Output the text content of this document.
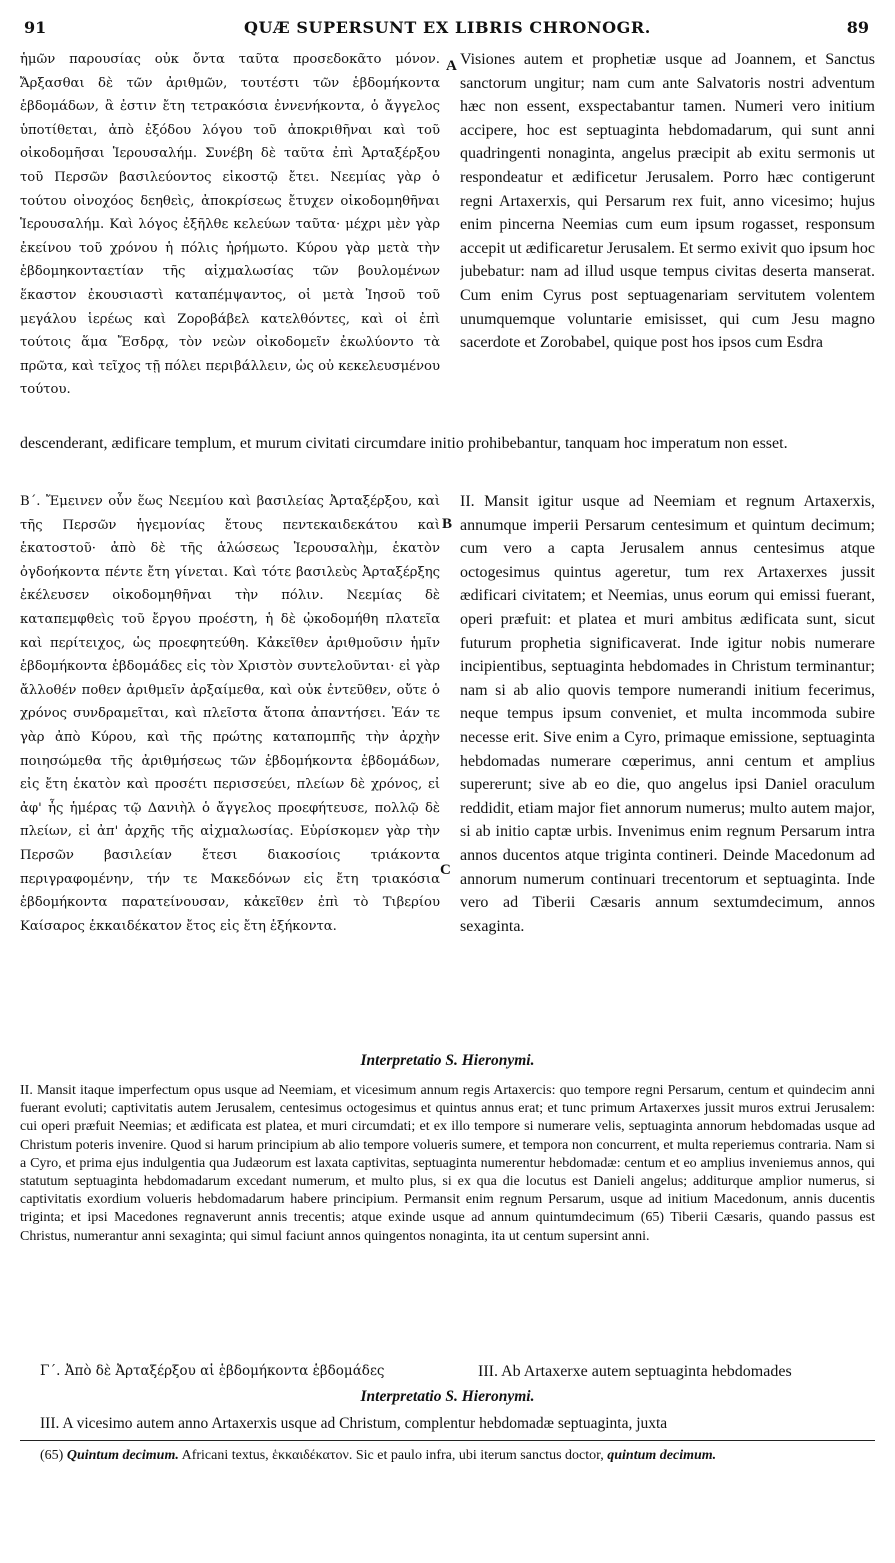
91	QUÆ SUPERSUNT EX LIBRIS CHRONOGR.	89
ἡμῶν παρουσίας οὐκ ὄντα ταῦτα προσεδοκᾶτο μόνον. Ἄρξασθαι δὲ τῶν ἀριθμῶν, τουτέστι τῶν ἑβδομήκοντα ἑβδομάδων, ἃ ἐστιν ἔτη τετρακόσια ἐννενήκοντα, ὁ ἄγγελος ὑποτίθεται, ἀπὸ ἐξόδου λόγου τοῦ ἀποκριθῆναι καὶ τοῦ οἰκοδομῆσαι Ἱερουσαλήμ. Συνέβη δὲ ταῦτα ἐπὶ Ἀρταξέρξου τοῦ Περσῶν βασιλεύοντος εἰκοστῷ ἔτει. Νεεμίας γὰρ ὁ τούτου οἰνοχόος δεηθεὶς, ἀποκρίσεως ἔτυχεν οἰκοδομηθῆναι Ἱερουσαλήμ. Καὶ λόγος ἐξῆλθε κελεύων ταῦτα· μέχρι μὲν γὰρ ἐκείνου τοῦ χρόνου ἡ πόλις ἠρήμωτο. Κύρου γὰρ μετὰ τὴν ἑβδομηκονταετίαν τῆς αἰχμαλωσίας τῶν βουλομένων ἕκαστον ἐκουσιαστὶ καταπέμψαντος, οἱ μετὰ Ἰησοῦ τοῦ μεγάλου ἱερέως καὶ Ζοροβάβελ κατελθόντες, καὶ οἱ ἐπὶ τούτοις ἅμα Ἔσδρᾳ, τὸν νεὼν οἰκοδομεῖν ἐκωλύοντο τὰ πρῶτα, καὶ τεῖχος τῇ πόλει περιβάλλειν, ὡς οὐ κεκελευσμένου τούτου.
A Visiones autem et prophetiæ usque ad Joannem, et Sanctus sanctorum ungitur; nam cum ante Salvatoris nostri adventum hæc non essent, exspectabantur tamen. Numeri vero initium accipere, hoc est septuaginta hebdomadarum, qui sunt anni quadringenti nonaginta, angelus præcipit ab exitu sermonis ut respondeatur et ædificetur Jerusalem. Porro hæc contigerunt regni Artaxerxis, qui Persarum rex fuit, anno vicesimo; hujus enim pincerna Neemias cum eum ipsum rogasset, responsum accepit ut ædificaretur Jerusalem. Et sermo exivit quo ipsum hoc jubebatur: nam ad illud usque tempus civitas deserta manserat. Cum enim Cyrus post septuagenariam servitutem volentem unumquemque voluntarie emisisset, qui cum Jesu magno sacerdote et Zorobabel, quique post hos ipsos cum Esdra
descenderant, ædificare templum, et murum civitati circumdare initio prohibebantur, tanquam hoc imperatum non esset.
Β΄. Ἔμεινεν οὖν ἕως Νεεμίου καὶ βασιλείας Ἀρταξέρξου, καὶ τῆς Περσῶν ἡγεμονίας ἔτους πεντεκαιδεκάτου καὶ ἑκατοστοῦ· ἀπὸ δὲ τῆς ἁλώσεως Ἱερουσαλὴμ, ἑκατὸν ὀγδοήκοντα πέντε ἔτη γίνεται. Καὶ τότε βασιλεὺς Ἀρταξέρξης ἐκέλευσεν οἰκοδομηθῆναι τὴν πόλιν. Νεεμίας δὲ καταπεμφθεὶς τοῦ ἔργου προέστη, ἡ δὲ ᾠκοδομήθη πλατεῖα καὶ περίτειχος, ὡς προεφητεύθη. Κἀκεῖθεν ἀριθμοῦσιν ἡμῖν ἑβδομήκοντα ἑβδομάδες εἰς τὸν Χριστὸν συντελοῦνται· εἰ γὰρ ἄλλοθέν ποθεν ἀριθμεῖν ἀρξαίμεθα, καὶ οὐκ ἐντεῦθεν, οὔτε ὁ χρόνος συνδραμεῖται, καὶ πλεῖστα ἄτοπα ἀπαντήσει. Ἐάν τε γὰρ ἀπὸ Κύρου, καὶ τῆς πρώτης καταπομπῆς τὴν ἀρχὴν ποιησώμεθα τῆς ἀριθμήσεως τῶν ἑβδομήκοντα ἑβδομάδων, εἰς ἔτη ἑκατὸν καὶ προσέτι περισσεύει, πλείων δὲ χρόνος, εἰ ἀφ' ἧς ἡμέρας τῷ Δανιὴλ ὁ ἄγγελος προεφήτευσε, πολλῷ δὲ πλείων, εἰ ἀπ' ἀρχῆς τῆς αἰχμαλωσίας. Εὑρίσκομεν γὰρ τὴν Περσῶν βασιλείαν ἔτεσι διακοσίοις τριάκοντα περιγραφομένην, τήν τε Μακεδόνων εἰς ἔτη τριακόσια ἑβδομήκοντα παρατείνουσαν, κἀκεῖθεν ἐπὶ τὸ Τιβερίου Καίσαρος ἑκκαιδέκατον ἔτος εἰς ἔτη ἑξήκοντα.
B
C
II. Mansit igitur usque ad Neemiam et regnum Artaxerxis, annumque imperii Persarum centesimum et quintum decimum; cum vero a capta Jerusalem annus centesimus atque octogesimus quintus ageretur, tum rex Artaxerxes jussit ædificari civitatem; et Neemias, unus eorum qui emissi fuerant, operi præfuit: et platea et muri ambitus ædificata sunt, sicut futurum prophetia significaverat. Inde igitur nobis numerare incipientibus, septuaginta hebdomades in Christum terminantur; nam si ab alio quovis tempore numerandi initium fecerimus, neque tempus ipsum conveniet, et multa incommoda subire necesse erit. Sive enim a Cyro, primaque emissione, septuaginta hebdomadas numerare cœperimus, anni centum et amplius supererunt; sive ab eo die, quo angelus ipsi Daniel oraculum reddidit, etiam major fiet annorum numerus; multo autem major, si ab initio captæ urbis. Invenimus enim regnum Persarum intra annos ducentos atque triginta contineri. Deinde Macedonum ad annorum numerum continuari trecentorum et septuaginta. Inde vero ad Tiberii Cæsaris annum sextumdecimum, annos sexaginta.
Interpretatio S. Hieronymi.
II. Mansit itaque imperfectum opus usque ad Neemiam, et vicesimum annum regis Artaxercis: quo tempore regni Persarum, centum et quindecim anni fuerant evoluti; captivitatis autem Jerusalem, centesimus octogesimus et quintus annus erat; et tunc primum Artaxerxes jussit muros extrui Jerusalem: cui operi præfuit Neemias; et ædificata est platea, et muri circumdati; et ex illo tempore si numerare velis, septuaginta annorum hebdomadas usque ad Christum poteris invenire. Quod si harum principium ab alio tempore volueris sumere, et tempora non concurrent, et multa reperiemus contraria. Nam si a Cyro, et prima ejus indulgentia qua Judæorum est laxata captivitas, septuaginta numerentur hebdomadæ: centum et eo amplius inveniemus annos, qui statutum septuaginta hebdomadarum excedant numerum, et multo plus, si ex qua die locutus est Danieli angelus; additurque amplior numerus, si captivitatis exordium volueris hebdomadarum habere principium. Permansit enim regnum Persarum, usque ad initium Macedonum, annis ducentis triginta; et ipsi Macedones regnaverunt annis trecentis; atque exinde usque ad annum quintumdecimum (65) Tiberii Cæsaris, quando passus est Christus, numerantur anni sexaginta; qui simul faciunt annos quingentos nonaginta, ita ut centum supersint anni.
Γ΄. Ἀπὸ δὲ Ἀρταξέρξου αἱ ἑβδομήκοντα ἑβδομάδες	III. Ab Artaxerxe autem septuaginta hebdomades
Interpretatio S. Hieronymi.
III. A vicesimo autem anno Artaxerxis usque ad Christum, complentur hebdomadæ septuaginta, juxta
(65) Quintum decimum. Africani textus, ἑκκαιδέκατον. Sic et paulo infra, ubi iterum sanctus doctor, quintum decimum.
